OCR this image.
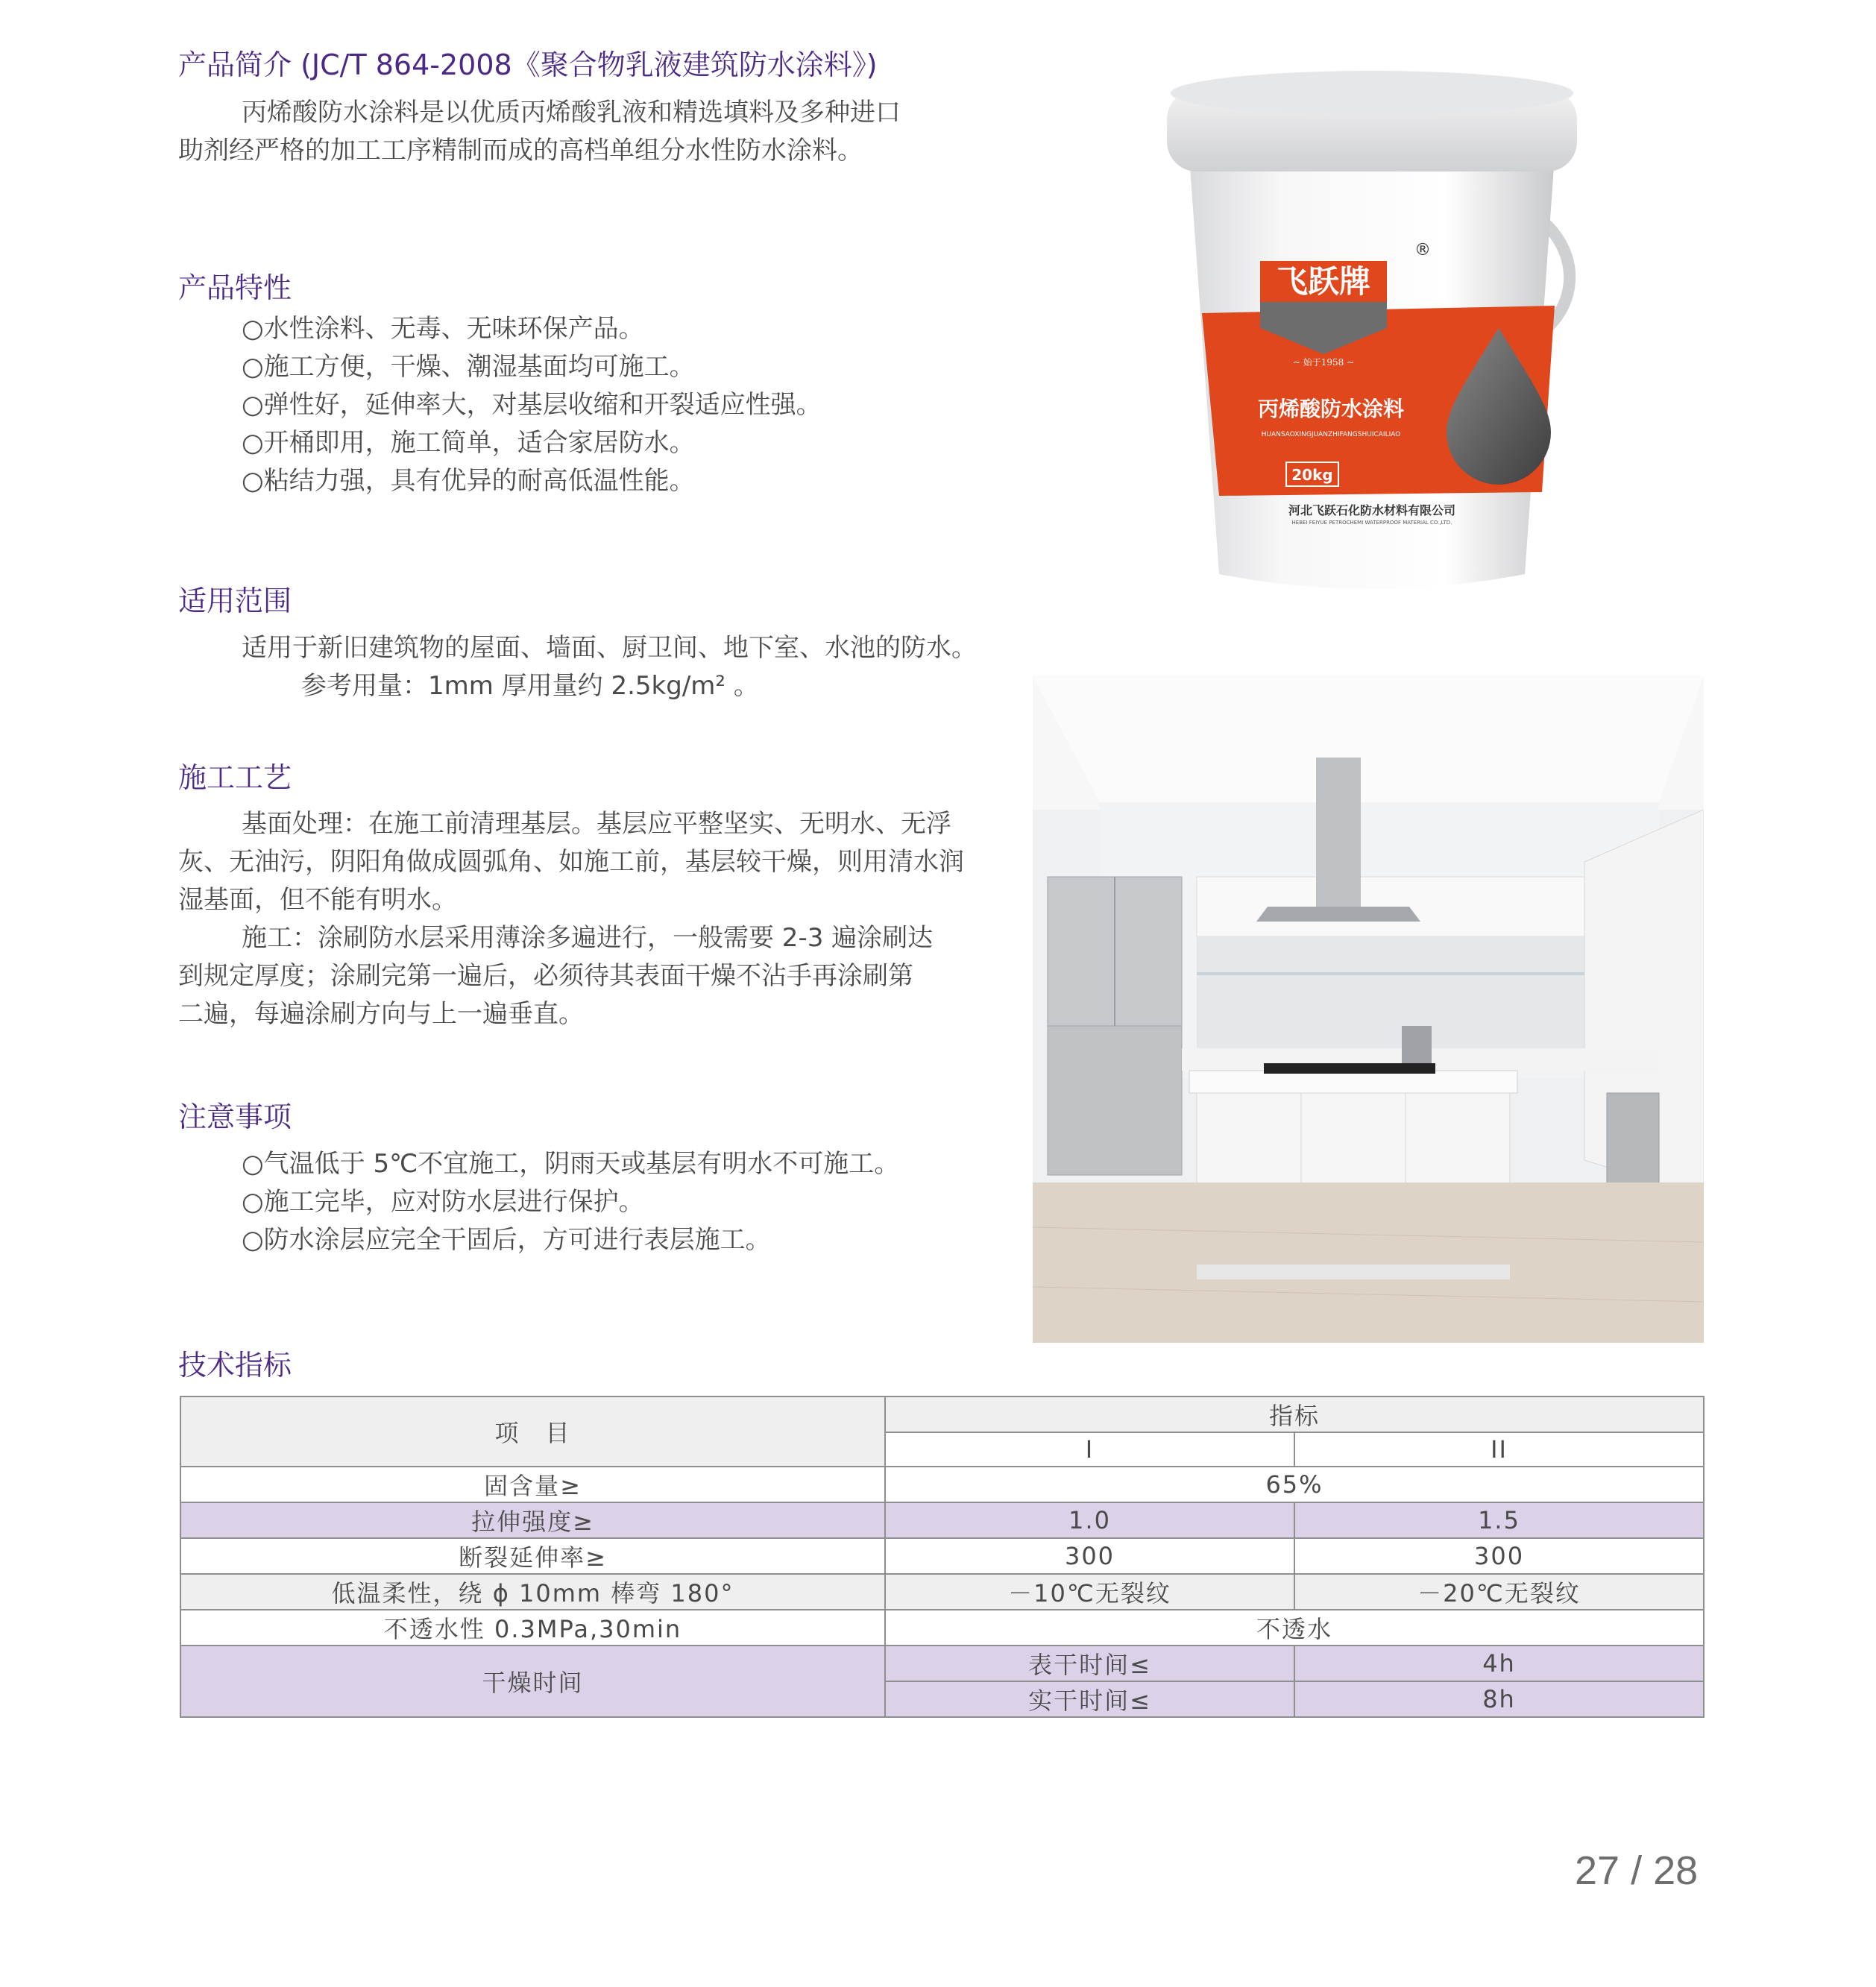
产品简介 (JC/T 864-2008《聚合物乳液建筑防水涂料》)
丙烯酸防水涂料是以优质丙烯酸乳液和精选填料及多种进口
助剂经严格的加工工序精制而成的高档单组分水性防水涂料。
产品特性
○ 水性涂料、无毒、无味环保产品。
○ 施工方便，干燥、潮湿基面均可施工。
○ 弹性好，延伸率大，对基层收缩和开裂适应性强。
○ 开桶即用，施工简单，适合家居防水。
○ 粘结力强，具有优异的耐高低温性能。
适用范围
适用于新旧建筑物的屋面、墙面、厨卫间、地下室、水池的防水。
参考用量：1mm 厚用量约 2.5kg/m² 。
施工工艺
基面处理：在施工前清理基层。基层应平整坚实、无明水、无浮
灰、无油污，阴阳角做成圆弧角、如施工前，基层较干燥，则用清水润
湿基面，但不能有明水。
施工：涂刷防水层采用薄涂多遍进行，一般需要 2-3 遍涂刷达
到规定厚度；涂刷完第一遍后，必须待其表面干燥不沾手再涂刷第
二遍，每遍涂刷方向与上一遍垂直。
注意事项
○ 气温低于 5℃不宜施工，阴雨天或基层有明水不可施工。
○ 施工完毕，应对防水层进行保护。
○ 防水涂层应完全干固后，方可进行表层施工。
飞跃牌
~ 始于1958 ~
®
丙烯酸防水涂料
HUANSAOXINGJUANZHIFANGSHUICAILIAO
20kg
河北飞跃石化防水材料有限公司
HEBEI FEIYUE PETROCHEMI WATERPROOF MATERIAL CO.,LTD.
技术指标
项　目	指标	
	I	II
固含量≥	65%	
拉伸强度≥	1.0	1.5
断裂延伸率≥	300	300
低温柔性，绕 ϕ 10mm 棒弯 180°	－10℃无裂纹	－20℃无裂纹
不透水性 0.3MPa,30min	不透水	
干燥时间	表干时间≤	4h
	实干时间≤	8h
27 / 28
